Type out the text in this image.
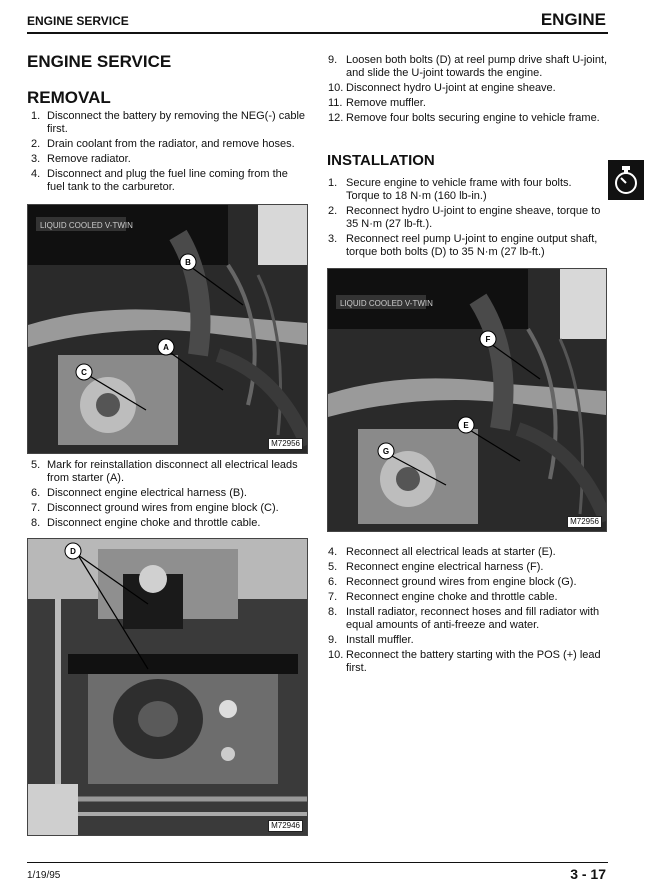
ENGINE SERVICE	ENGINE
ENGINE SERVICE
REMOVAL
1. Disconnect the battery by removing the NEG(-) cable first.
2. Drain coolant from the radiator, and remove hoses.
3. Remove radiator.
4. Disconnect and plug the fuel line coming from the fuel tank to the carburetor.
LIQUID COOLED V-TWIN
B
A
C
M72956
5. Mark for reinstallation disconnect all electrical leads from starter (A).
6. Disconnect engine electrical harness (B).
7. Disconnect ground wires from engine block (C).
8. Disconnect engine choke and throttle cable.
D
M72946
9. Loosen both bolts (D) at reel pump drive shaft U-joint, and slide the U-joint towards the engine.
10. Disconnect hydro U-joint at engine sheave.
11. Remove muffler.
12. Remove four bolts securing engine to vehicle frame.
INSTALLATION
1. Secure engine to vehicle frame with four bolts. Torque to 18 N·m (160 lb-in.)
2. Reconnect hydro U-joint to engine sheave, torque to 35 N·m (27 lb-ft.).
3. Reconnect reel pump U-joint to engine output shaft, torque both bolts (D) to 35 N·m (27 lb-ft.)
LIQUID COOLED V-TWIN
F
E
G
M72956
4. Reconnect all electrical leads at starter (E).
5. Reconnect engine electrical harness (F).
6. Reconnect ground wires from engine block (G).
7. Reconnect engine choke and throttle cable.
8. Install radiator, reconnect hoses and fill radiator with equal amounts of anti-freeze and water.
9. Install muffler.
10. Reconnect the battery starting with the POS (+) lead first.
1/19/95	3 - 17
